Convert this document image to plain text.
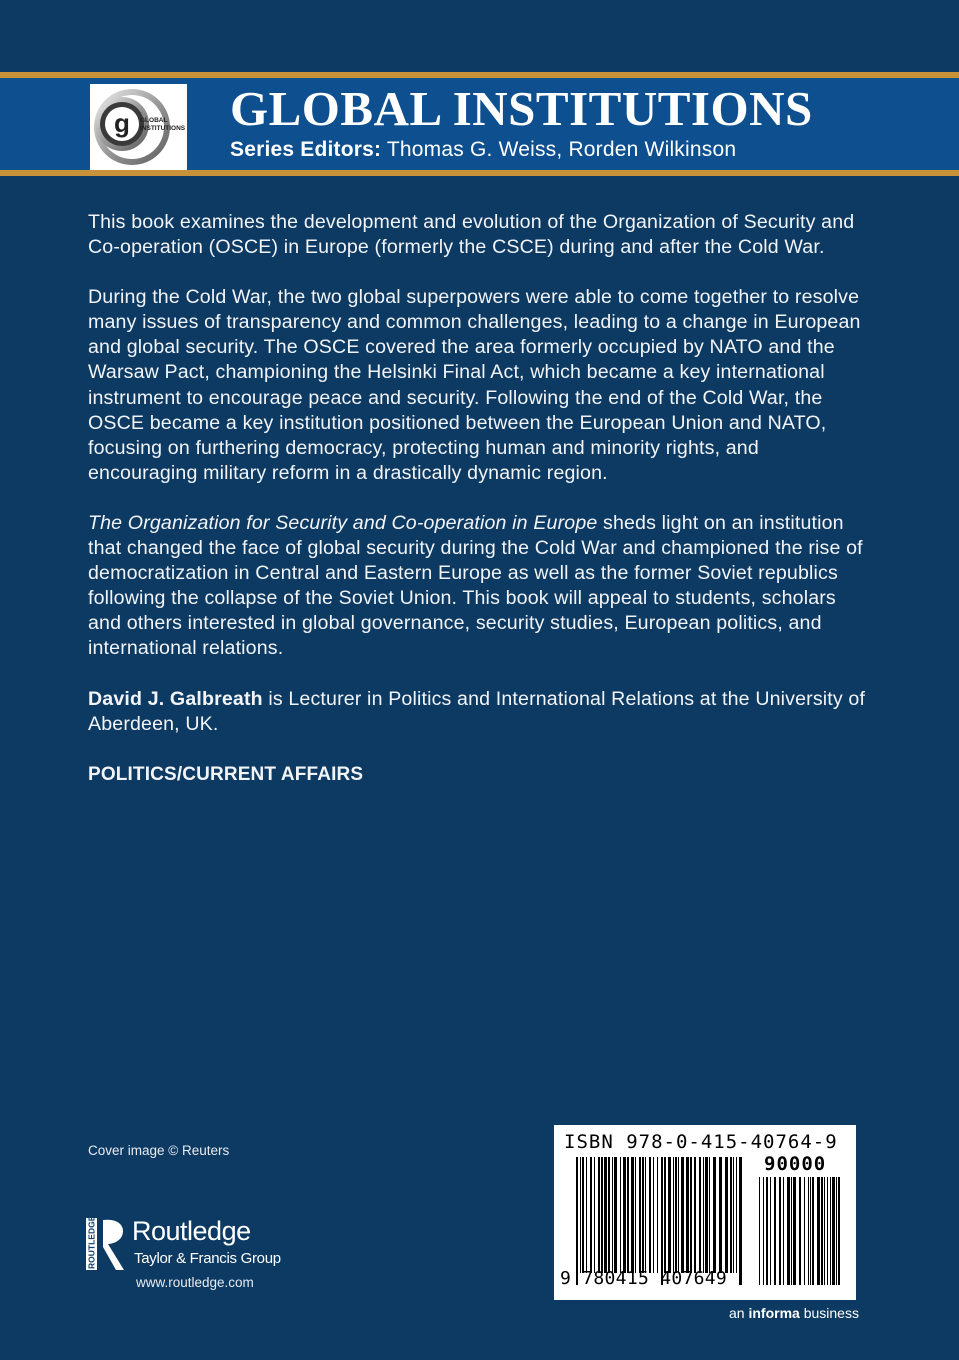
g GLOBAL
INSTITUTIONS GLOBAL INSTITUTIONS
Series Editors: Thomas G. Weiss, Rorden Wilkinson

This book examines the development and evolution of the Organization of Security and Co-operation (OSCE) in Europe (formerly the CSCE) during and after the Cold War.

During the Cold War, the two global superpowers were able to come together to resolve many issues of transparency and common challenges, leading to a change in European and global security. The OSCE covered the area formerly occupied by NATO and the Warsaw Pact, championing the Helsinki Final Act, which became a key international instrument to encourage peace and security. Following the end of the Cold War, the OSCE became a key institution positioned between the European Union and NATO, focusing on furthering democracy, protecting human and minority rights, and encouraging military reform in a drastically dynamic region.

The Organization for Security and Co-operation in Europe sheds light on an institution that changed the face of global security during the Cold War and championed the rise of democratization in Central and Eastern Europe as well as the former Soviet republics following the collapse of the Soviet Union. This book will appeal to students, scholars and others interested in global governance, security studies, European politics, and international relations.

David J. Galbreath is Lecturer in Politics and International Relations at the University of Aberdeen, UK.

POLITICS/CURRENT AFFAIRS
Cover image © Reuters
ROUTLEDGE Routledge
Taylor & Francis Group
www.routledge.com
ISBN 978-0-415-40764-9
90000
9 780415 407649
an informa business
